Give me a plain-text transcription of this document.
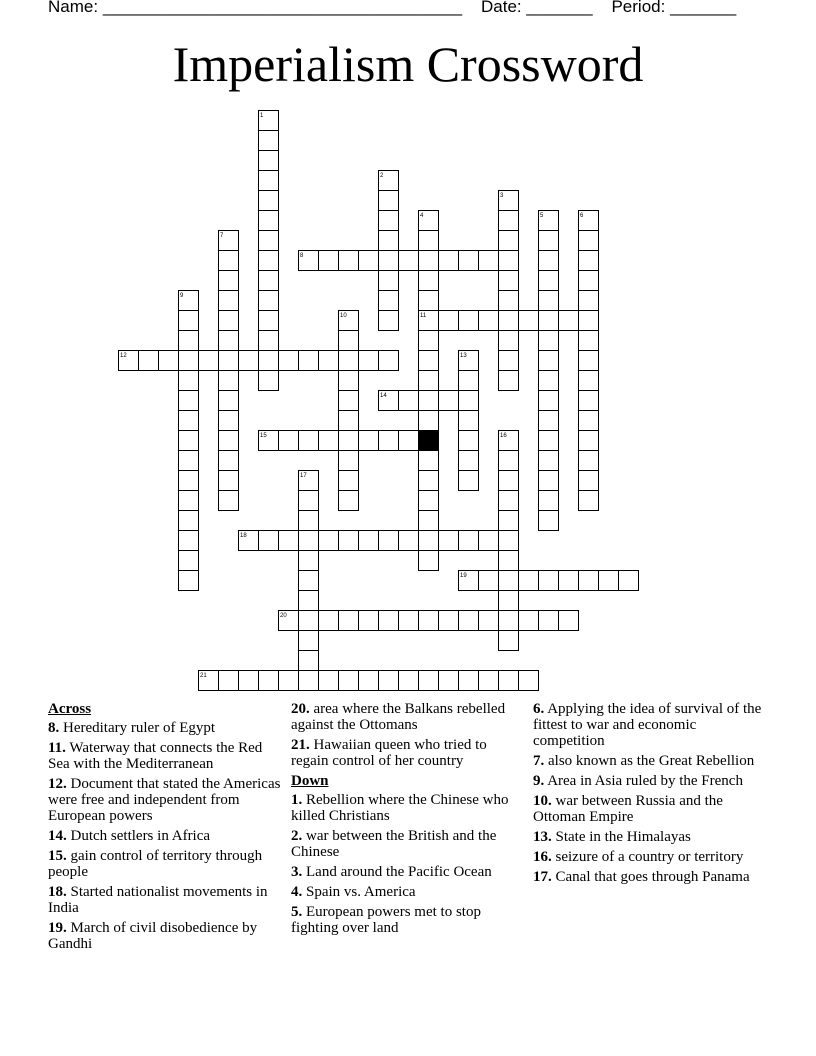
Name: ______________________________________ Date: _______ Period: _______
Imperialism Crossword
1
2
3
4	5	6
7
8
9
10	11
12	13
14
15	16
17
18
19
20
21
Across
8. Hereditary ruler of Egypt
11. Waterway that connects the Red Sea with the Mediterranean
12. Document that stated the Americas were free and independent from European powers
14. Dutch settlers in Africa
15. gain control of territory through people
18. Started nationalist movements in India
19. March of civil disobedience by Gandhi
20. area where the Balkans rebelled against the Ottomans
21. Hawaiian queen who tried to regain control of her country
Down
1. Rebellion where the Chinese who killed Christians
2. war between the British and the Chinese
3. Land around the Pacific Ocean
4. Spain vs. America
5. European powers met to stop fighting over land
6. Applying the idea of survival of the fittest to war and economic competition
7. also known as the Great Rebellion
9. Area in Asia ruled by the French
10. war between Russia and the Ottoman Empire
13. State in the Himalayas
16. seizure of a country or territory
17. Canal that goes through Panama
